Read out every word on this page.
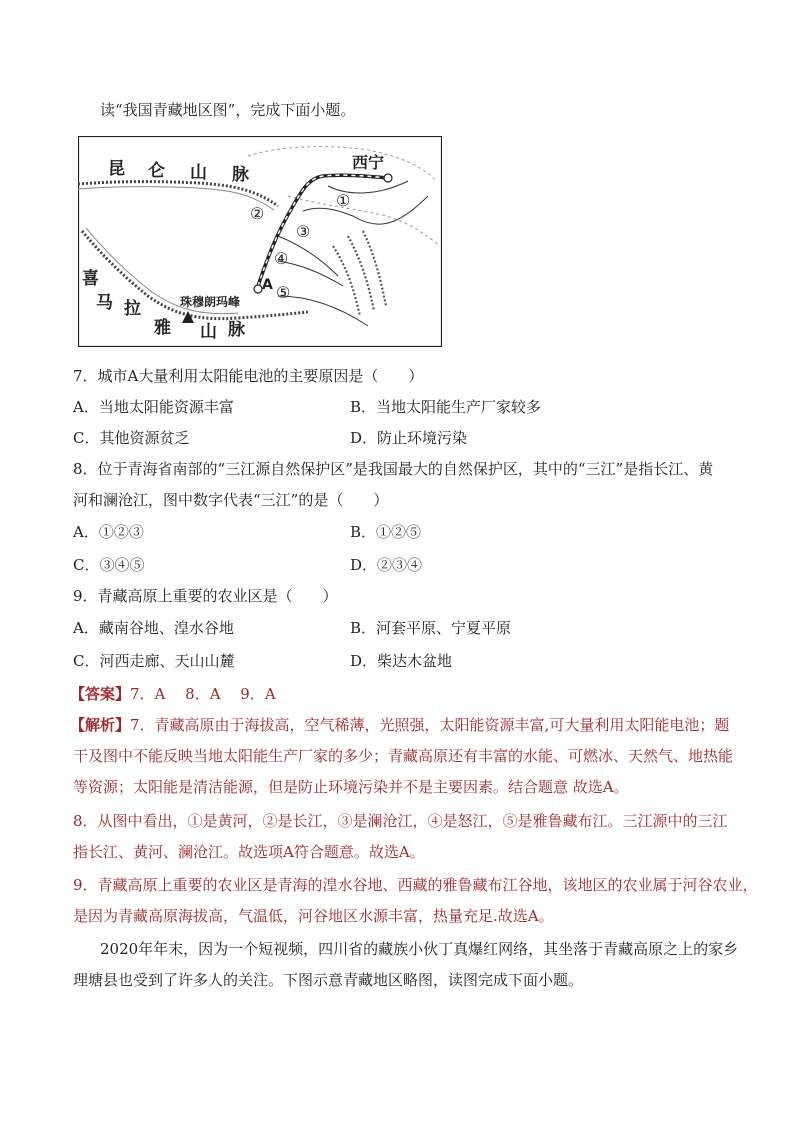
读“我国青藏地区图”，完成下面小题。
昆 仑 山 脉
西宁
喜
马 拉
雅 山 脉
珠穆朗玛峰
A
①
②
③
④
⑤
7．城市A大量利用太阳能电池的主要原因是（　　）
A．当地太阳能资源丰富	B．当地太阳能生产厂家较多
C．其他资源贫乏	D．防止环境污染
8．位于青海省南部的“三江源自然保护区”是我国最大的自然保护区，其中的“三江”是指长江、黄
河和澜沧江，图中数字代表“三江”的是（　　）
A．①②③	B．①②⑤
C．③④⑤	D．②③④
9．青藏高原上重要的农业区是（　　）
A．藏南谷地、湟水谷地	B．河套平原、宁夏平原
C．河西走廊、天山山麓	D．柴达木盆地
【答案】7．A　 8．A　 9．A
【解析】7．青藏高原由于海拔高，空气稀薄，光照强，太阳能资源丰富,可大量利用太阳能电池；题
干及图中不能反映当地太阳能生产厂家的多少；青藏高原还有丰富的水能、可燃冰、天然气、地热能
等资源；太阳能是清洁能源，但是防止环境污染并不是主要因素。结合题意 故选A。
8．从图中看出，①是黄河，②是长江，③是澜沧江，④是怒江，⑤是雅鲁藏布江。三江源中的三江
指长江、黄河、澜沧江。故选项A符合题意。故选A。
9．青藏高原上重要的农业区是青海的湟水谷地、西藏的雅鲁藏布江谷地，该地区的农业属于河谷农业，
是因为青藏高原海拔高，气温低，河谷地区水源丰富，热量充足.故选A。
2020年年末，因为一个短视频，四川省的藏族小伙丁真爆红网络，其坐落于青藏高原之上的家乡
理塘县也受到了许多人的关注。下图示意青藏地区略图，读图完成下面小题。
